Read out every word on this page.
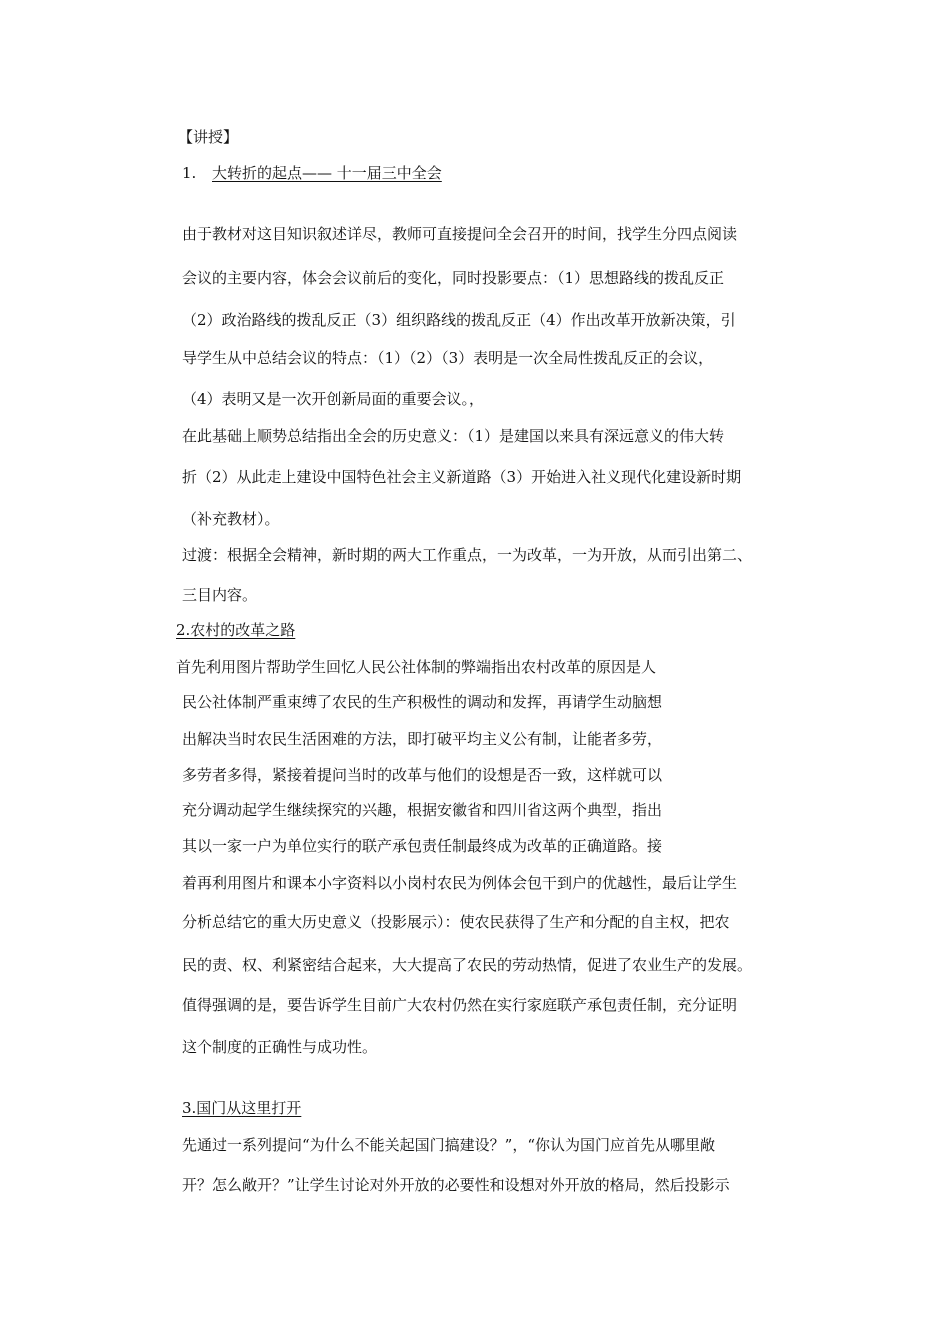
【讲授】
1. 大转折的起点—— 十一届三中全会
由于教材对这目知识叙述详尽，教师可直接提问全会召开的时间，找学生分四点阅读
会议的主要内容，体会会议前后的变化，同时投影要点：（1）思想路线的拨乱反正
（2）政治路线的拨乱反正（3）组织路线的拨乱反正（4）作出改革开放新决策，引
导学生从中总结会议的特点：（1）（2）（3）表明是一次全局性拨乱反正的会议，
（4）表明又是一次开创新局面的重要会议。，
在此基础上顺势总结指出全会的历史意义：（1）是建国以来具有深远意义的伟大转
折（2）从此走上建设中国特色社会主义新道路（3）开始进入社义现代化建设新时期
（补充教材）。
过渡：根据全会精神，新时期的两大工作重点，一为改革，一为开放，从而引出第二、
三目内容。
2.农村的改革之路
首先利用图片帮助学生回忆人民公社体制的弊端指出农村改革的原因是人
民公社体制严重束缚了农民的生产积极性的调动和发挥，再请学生动脑想
出解决当时农民生活困难的方法，即打破平均主义公有制，让能者多劳，
多劳者多得，紧接着提问当时的改革与他们的设想是否一致，这样就可以
充分调动起学生继续探究的兴趣，根据安徽省和四川省这两个典型，指出
其以一家一户为单位实行的联产承包责任制最终成为改革的正确道路。接
着再利用图片和课本小字资料以小岗村农民为例体会包干到户的优越性，最后让学生
分析总结它的重大历史意义（投影展示）：使农民获得了生产和分配的自主权，把农
民的责、权、利紧密结合起来，大大提高了农民的劳动热情，促进了农业生产的发展。
值得强调的是，要告诉学生目前广大农村仍然在实行家庭联产承包责任制，充分证明
这个制度的正确性与成功性。
3.国门从这里打开
先通过一系列提问“为什么不能关起国门搞建设？”，“你认为国门应首先从哪里敞
开？怎么敞开？”让学生讨论对外开放的必要性和设想对外开放的格局，然后投影示
